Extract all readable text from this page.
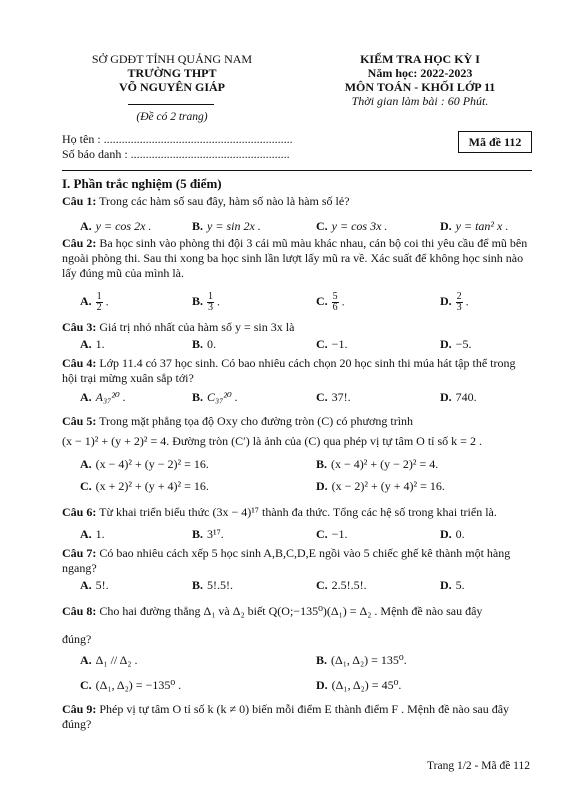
SỞ GDĐT TỈNH QUẢNG NAM
TRƯỜNG THPT
VÕ NGUYÊN GIÁP
(Đề có 2 trang)
KIỂM TRA HỌC KỲ I
Năm học: 2022-2023
MÔN TOÁN - KHỐI LỚP 11
Thời gian làm bài : 60 Phút.
Họ tên : ...............................................................
Số báo danh : .....................................................
Mã đề 112
I. Phần trắc nghiệm (5 điểm)
Câu 1: Trong các hàm số sau đây, hàm số nào là hàm số lẻ?
A. y = cos 2x .	B. y = sin 2x .	C. y = cos 3x .	D. y = tan² x .
Câu 2: Ba học sinh vào phòng thi đội 3 cái mũ màu khác nhau, cán bộ coi thi yêu cầu để mũ bên ngoài phòng thi. Sau thi xong ba học sinh lần lượt lấy mũ ra về. Xác suất để không học sinh nào lấy đúng mũ của mình là.
A. $\frac{1}{2}$ .	B. $\frac{1}{3}$ .	C. $\frac{5}{6}$ .	D. $\frac{2}{3}$ .
Câu 3: Giá trị nhỏ nhất của hàm số y = sin 3x là
A. 1.	B. 0.	C. −1.	D. −5.
Câu 4: Lớp 11.4 có 37 học sinh. Có bao nhiêu cách chọn 20 học sinh thi múa hát tập thể trong hội trại mừng xuân sắp tới?
A. A₃₇²⁰ .	B. C₃₇²⁰ .	C. 37!.	D. 740.
Câu 5: Trong mặt phẳng tọa độ Oxy cho đường tròn (C) có phương trình
(x − 1)² + (y + 2)² = 4. Đường tròn (C′) là ảnh của (C) qua phép vị tự tâm O tỉ số k = 2 .
A. (x − 4)² + (y − 2)² = 16.	B. (x − 4)² + (y − 2)² = 4.
C. (x + 2)² + (y + 4)² = 16.	D. (x − 2)² + (y + 4)² = 16.
Câu 6: Từ khai triển biểu thức (3x − 4)¹⁷ thành đa thức. Tổng các hệ số trong khai triển là.
A. 1.	B. 3¹⁷.	C. −1.	D. 0.
Câu 7: Có bao nhiêu cách xếp 5 học sinh A,B,C,D,E ngồi vào 5 chiếc ghế kê thành một hàng ngang?
A. 5!.	B. 5!.5!.	C. 2.5!.5!.	D. 5.
Câu 8: Cho hai đường thẳng Δ₁ và Δ₂ biết Q(O;−135⁰)(Δ₁) = Δ₂ . Mệnh đề nào sau đây
đúng?
A. Δ₁ // Δ₂ .	B. (Δ₁, Δ₂) = 135⁰.
C. (Δ₁, Δ₂) = −135⁰ .	D. (Δ₁, Δ₂) = 45⁰.
Câu 9: Phép vị tự tâm O tỉ số k (k ≠ 0) biến mỗi điểm E thành điểm F . Mệnh đề nào sau đây đúng?
Trang 1/2 - Mã đề 112
